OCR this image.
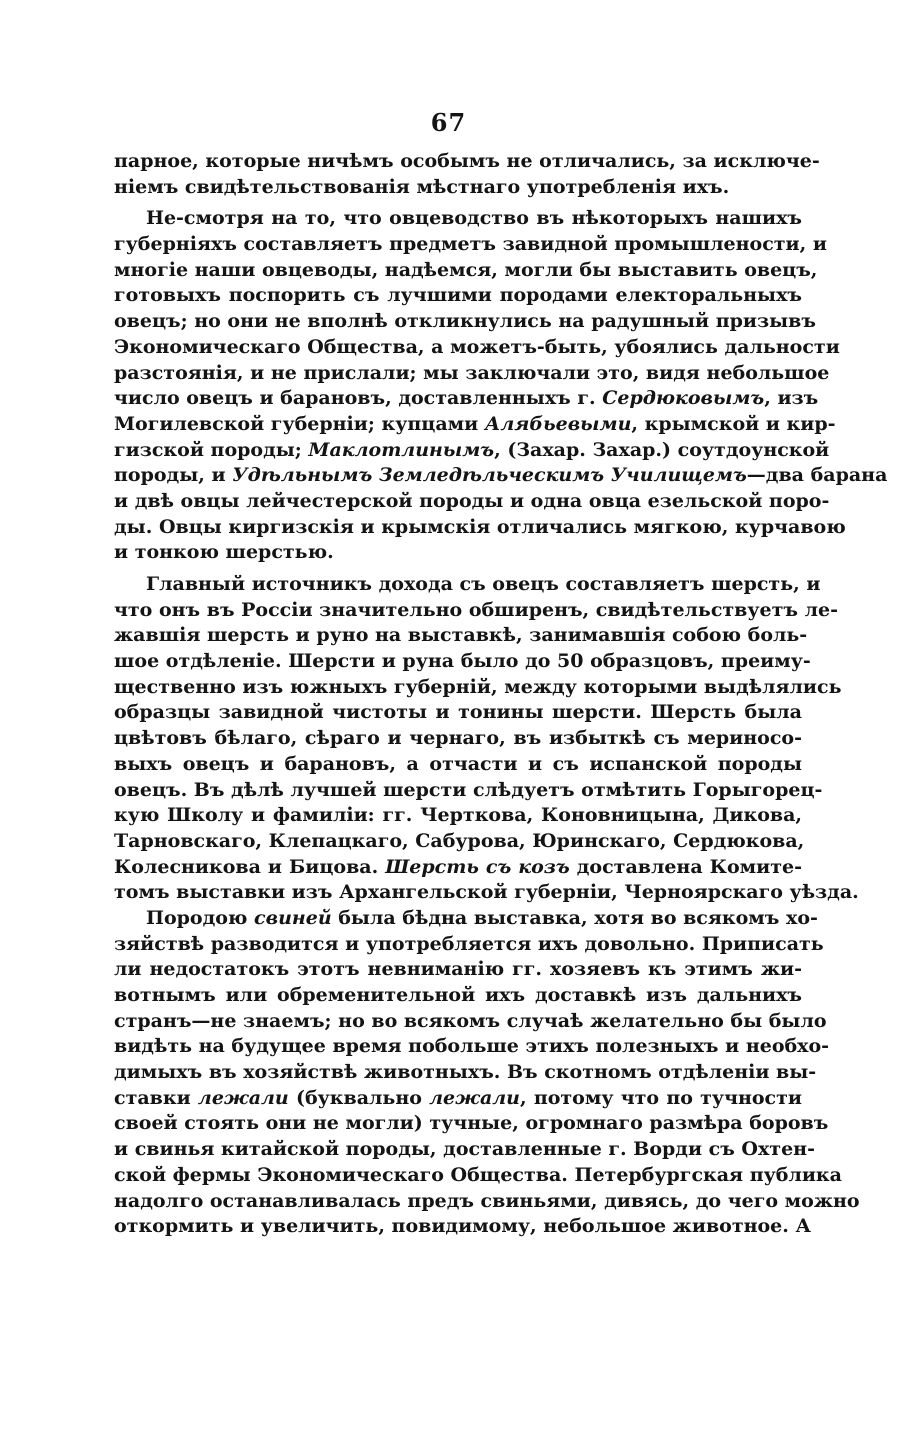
67
парное, которые ничѣмъ особымъ не отличались, за исключе-
ніемъ свидѣтельствованія мѣстнаго употребленія ихъ.
Не-смотря на то, что овцеводство въ нѣкоторыхъ нашихъ
губерніяхъ составляетъ предметъ завидной промышлености, и
многіе наши овцеводы, надѣемся, могли бы выставить овецъ,
готовыхъ поспорить съ лучшими породами електоральныхъ
овецъ; но они не вполнѣ откликнулись на радушный призывъ
Экономическаго Общества, а можетъ-быть, убоялись дальности
разстоянія, и не прислали; мы заключали это, видя небольшое
число овецъ и барановъ, доставленныхъ г. Сердюковымъ, изъ
Могилевской губерніи; купцами Алябьевыми, крымской и кир-
гизской породы; Маклотлинымъ, (Захар. Захар.) соутдоунской
породы, и Удѣльнымъ Земледѣльческимъ Училищемъ—два барана
и двѣ овцы лейчестерской породы и одна овца езельской поро-
ды. Овцы киргизскія и крымскія отличались мягкою, курчавою
и тонкою шерстью.
Главный источникъ дохода съ овецъ составляетъ шерсть, и
что онъ въ Россіи значительно обширенъ, свидѣтельствуетъ ле-
жавшія шерсть и руно на выставкѣ, занимавшія собою боль-
шое отдѣленіе. Шерсти и руна было до 50 образцовъ, преиму-
щественно изъ южныхъ губерній, между которыми выдѣлялись
образцы завидной чистоты и тонины шерсти. Шерсть была
цвѣтовъ бѣлаго, сѣраго и чернаго, въ избыткѣ съ мериносо-
выхъ овецъ и барановъ, а отчасти и съ испанской породы
овецъ. Въ дѣлѣ лучшей шерсти слѣдуетъ отмѣтить Горыгорец-
кую Школу и фамиліи: гг. Черткова, Коновницына, Дикова,
Тарновскаго, Клепацкаго, Сабурова, Юринскаго, Сердюкова,
Колесникова и Бицова. Шерсть съ козъ доставлена Комите-
томъ выставки изъ Архангельской губерніи, Черноярскаго уѣзда.
Породою свиней была бѣдна выставка, хотя во всякомъ хо-
зяйствѣ разводится и употребляется ихъ довольно. Приписать
ли недостатокъ этотъ невниманію гг. хозяевъ къ этимъ жи-
вотнымъ или обременительной ихъ доставкѣ изъ дальнихъ
странъ—не знаемъ; но во всякомъ случаѣ желательно бы было
видѣть на будущее время побольше этихъ полезныхъ и необхо-
димыхъ въ хозяйствѣ животныхъ. Въ скотномъ отдѣленіи вы-
ставки лежали (буквально лежали, потому что по тучности
своей стоять они не могли) тучные, огромнаго размѣра боровъ
и свинья китайской породы, доставленные г. Ворди съ Охтен-
ской фермы Экономическаго Общества. Петербургская публика
надолго останавливалась предъ свиньями, дивясь, до чего можно
откормить и увеличить, повидимому, небольшое животное. А
